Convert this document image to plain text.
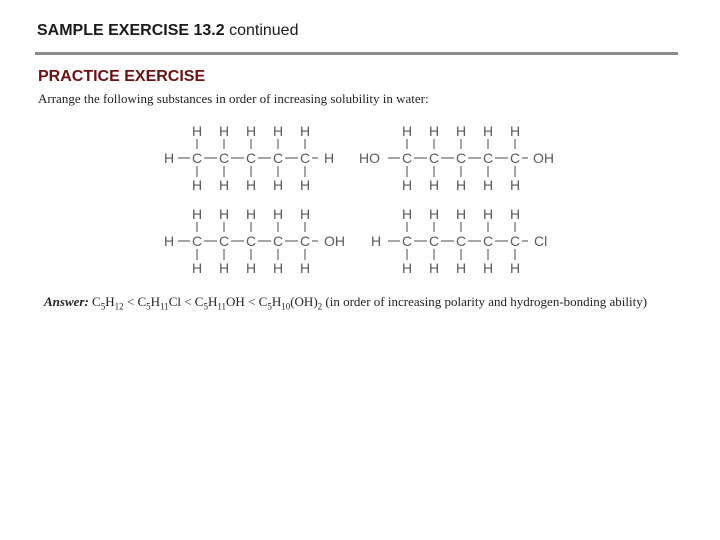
SAMPLE EXERCISE 13.2 continued
PRACTICE EXERCISE
Arrange the following substances in order of increasing solubility in water:
C
H
H
C
H
H
C
H
H
C
H
H
C
H
H
H	H	C
H
H
C
H
H
C
H
H
C
H
H
C
H
H
HO	OH
C
H
H
C
H
H
C
H
H
C
H
H
C
H
H
H	OH	C
H
H
C
H
H
C
H
H
C
H
H
C
H
H
H	Cl
Answer: $C_5H_{12} < C_5H_{11}Cl < C_5H_{11}OH < C_5H_{10}(OH)_2$ (in order of increasing polarity and hydrogen-bonding ability)
